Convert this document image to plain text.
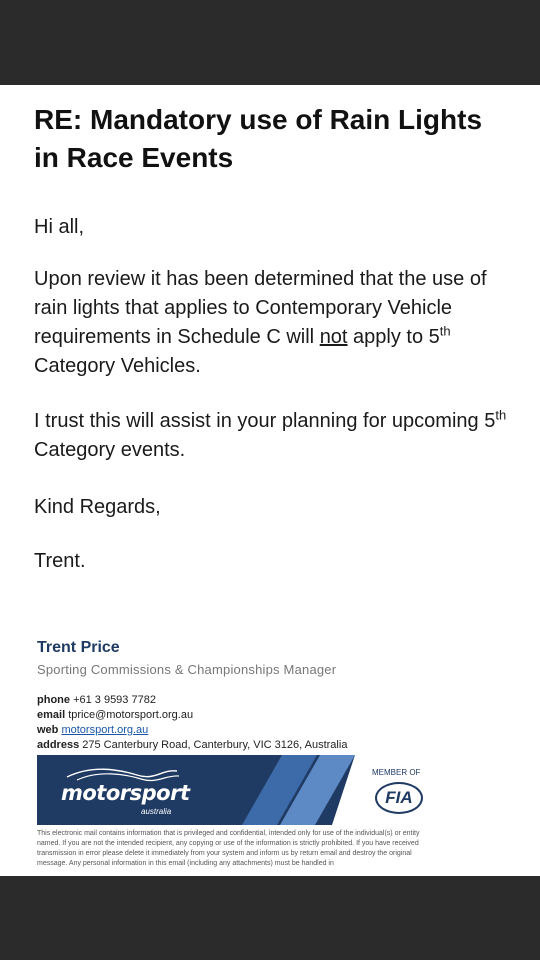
RE: Mandatory use of Rain Lights in Race Events

Hi all,

Upon review it has been determined that the use of rain lights that applies to Contemporary Vehicle requirements in Schedule C will not apply to 5th Category Vehicles.

I trust this will assist in your planning for upcoming 5th Category events.

Kind Regards,

Trent.

Trent Price
Sporting Commissions & Championships Manager
phone +61 3 9593 7782
email tprice@motorsport.org.au
web motorsport.org.au
address 275 Canterbury Road, Canterbury, VIC 3126, Australia
motorsport
australia
MEMBER OF
FIA

This electronic mail contains information that is privileged and confidential, intended only for use of the individual(s) or entity named. If you are not the intended recipient, any copying or use of the information is strictly prohibited. If you have received transmission in error please delete it immediately from your system and inform us by return email and destroy the original message. Any personal information in this email (including any attachments) must be handled in
